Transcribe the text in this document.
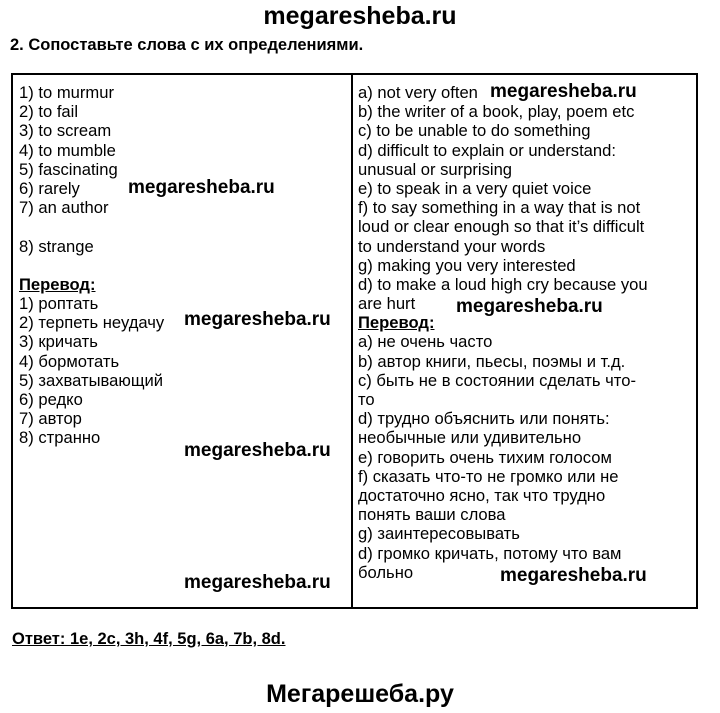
megaresheba.ru
2. Сопоставьте слова с их определениями.
1) to murmur
2) to fail
3) to scream
4) to mumble
5) fascinating
6) rarely
7) an author
8) strange
Перевод:
1) роптать
2) терпеть неудачу
3) кричать
4) бормотать
5) захватывающий
6) редко
7) автор
8) странно
a) not very often
b) the writer of a book, play, poem etc
c) to be unable to do something
d) difficult to explain or understand:
unusual or surprising
e) to speak in a very quiet voice
f) to say something in a way that is not
loud or clear enough so that it’s difficult
to understand your words
g) making you very interested
d) to make a loud high cry because you
are hurt
Перевод:
а) не очень часто
b) автор книги, пьесы, поэмы и т.д.
c) быть не в состоянии сделать что-
то
d) трудно объяснить или понять:
необычные или удивительно
e) говорить очень тихим голосом
f) сказать что-то не громко или не
достаточно ясно, так что трудно
понять ваши слова
g) заинтересовывать
d) громко кричать, потому что вам
больно
megaresheba.ru
megaresheba.ru
megaresheba.ru
megaresheba.ru
megaresheba.ru
megaresheba.ru
megaresheba.ru
Ответ: 1e, 2c, 3h, 4f, 5g, 6a, 7b, 8d.
Мегарешеба.ру
